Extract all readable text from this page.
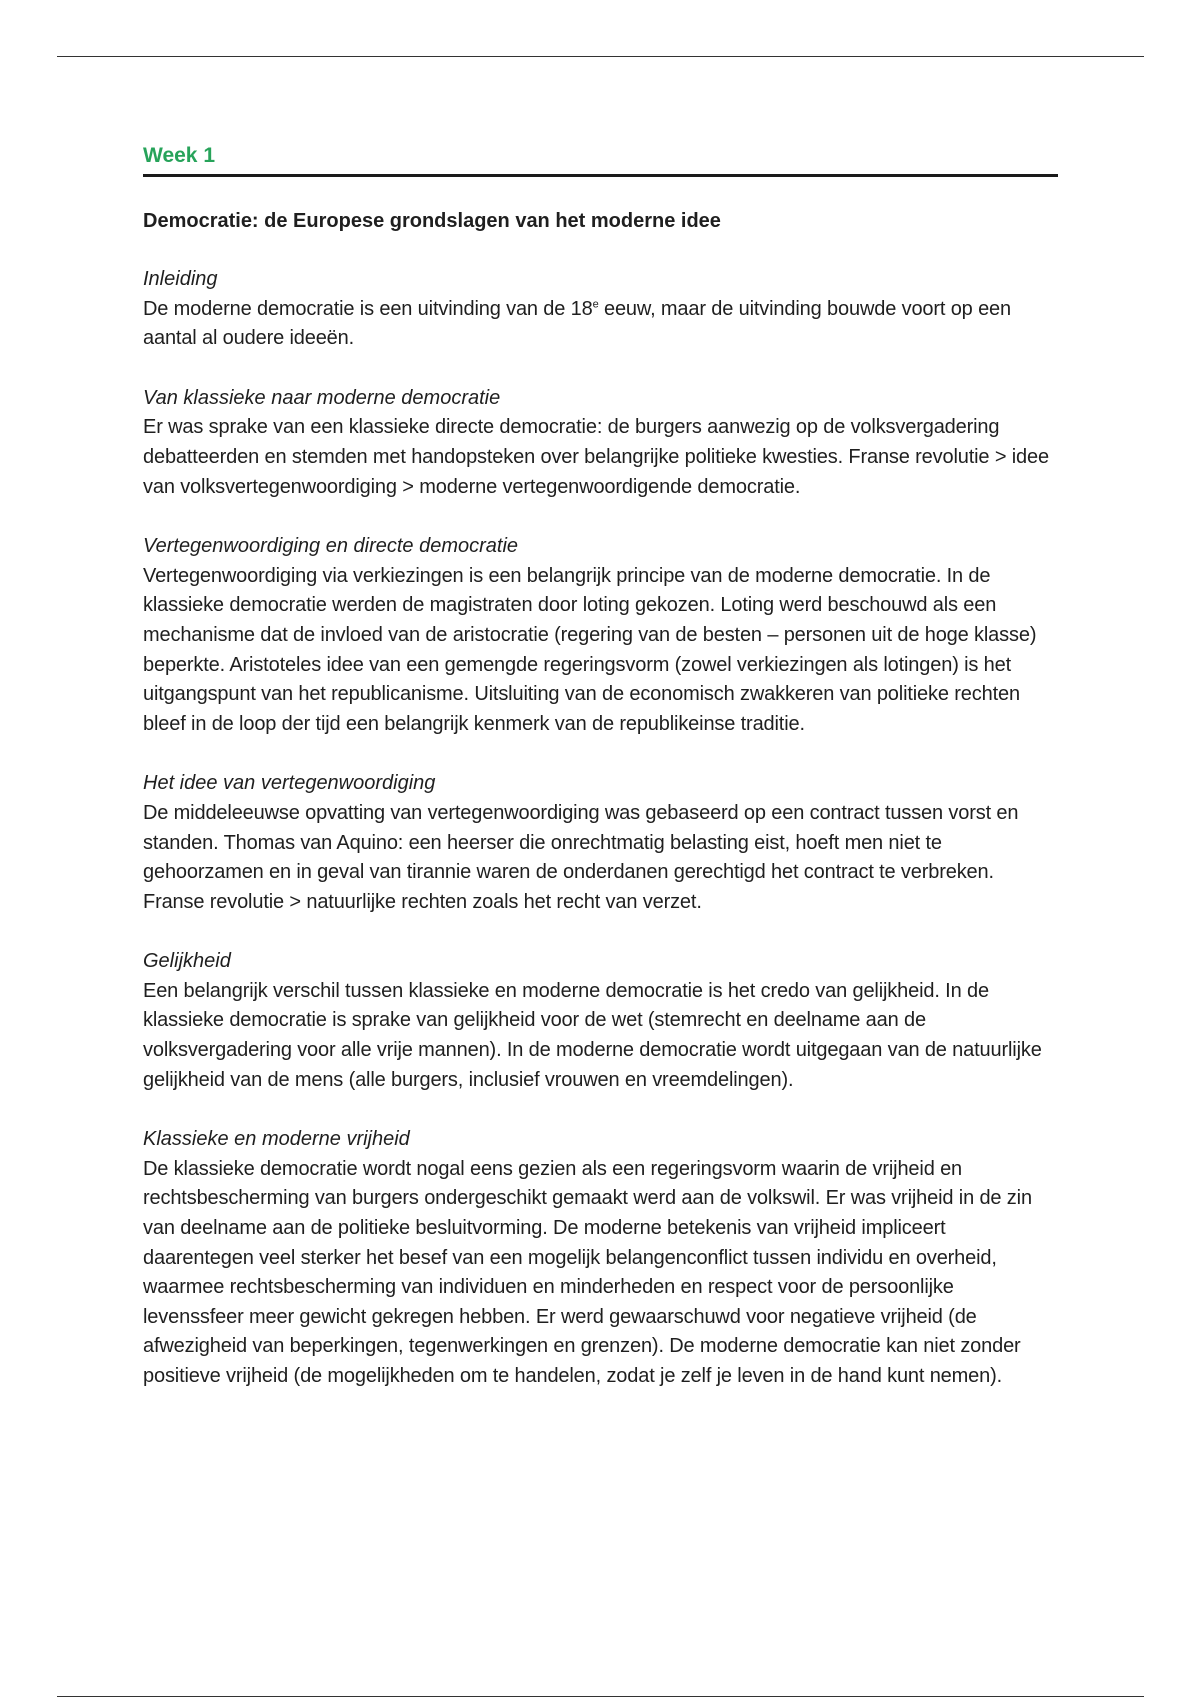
Week 1
Democratie: de Europese grondslagen van het moderne idee

Inleiding

De moderne democratie is een uitvinding van de 18e eeuw, maar de uitvinding bouwde voort op een aantal al oudere ideeën.

Van klassieke naar moderne democratie

Er was sprake van een klassieke directe democratie: de burgers aanwezig op de volksvergadering debatteerden en stemden met handopsteken over belangrijke politieke kwesties. Franse revolutie > idee van volksvertegenwoordiging > moderne vertegenwoordigende democratie.

Vertegenwoordiging en directe democratie

Vertegenwoordiging via verkiezingen is een belangrijk principe van de moderne democratie. In de klassieke democratie werden de magistraten door loting gekozen. Loting werd beschouwd als een mechanisme dat de invloed van de aristocratie (regering van de besten – personen uit de hoge klasse) beperkte. Aristoteles idee van een gemengde regeringsvorm (zowel verkiezingen als lotingen) is het uitgangspunt van het republicanisme. Uitsluiting van de economisch zwakkeren van politieke rechten bleef in de loop der tijd een belangrijk kenmerk van de republikeinse traditie.

Het idee van vertegenwoordiging

De middeleeuwse opvatting van vertegenwoordiging was gebaseerd op een contract tussen vorst en standen. Thomas van Aquino: een heerser die onrechtmatig belasting eist, hoeft men niet te gehoorzamen en in geval van tirannie waren de onderdanen gerechtigd het contract te verbreken. Franse revolutie > natuurlijke rechten zoals het recht van verzet.

Gelijkheid

Een belangrijk verschil tussen klassieke en moderne democratie is het credo van gelijkheid. In de klassieke democratie is sprake van gelijkheid voor de wet (stemrecht en deelname aan de volksvergadering voor alle vrije mannen). In de moderne democratie wordt uitgegaan van de natuurlijke gelijkheid van de mens (alle burgers, inclusief vrouwen en vreemdelingen).

Klassieke en moderne vrijheid

De klassieke democratie wordt nogal eens gezien als een regeringsvorm waarin de vrijheid en rechtsbescherming van burgers ondergeschikt gemaakt werd aan de volkswil. Er was vrijheid in de zin van deelname aan de politieke besluitvorming. De moderne betekenis van vrijheid impliceert daarentegen veel sterker het besef van een mogelijk belangenconflict tussen individu en overheid, waarmee rechtsbescherming van individuen en minderheden en respect voor de persoonlijke levenssfeer meer gewicht gekregen hebben. Er werd gewaarschuwd voor negatieve vrijheid (de afwezigheid van beperkingen, tegenwerkingen en grenzen). De moderne democratie kan niet zonder positieve vrijheid (de mogelijkheden om te handelen, zodat je zelf je leven in de hand kunt nemen).
